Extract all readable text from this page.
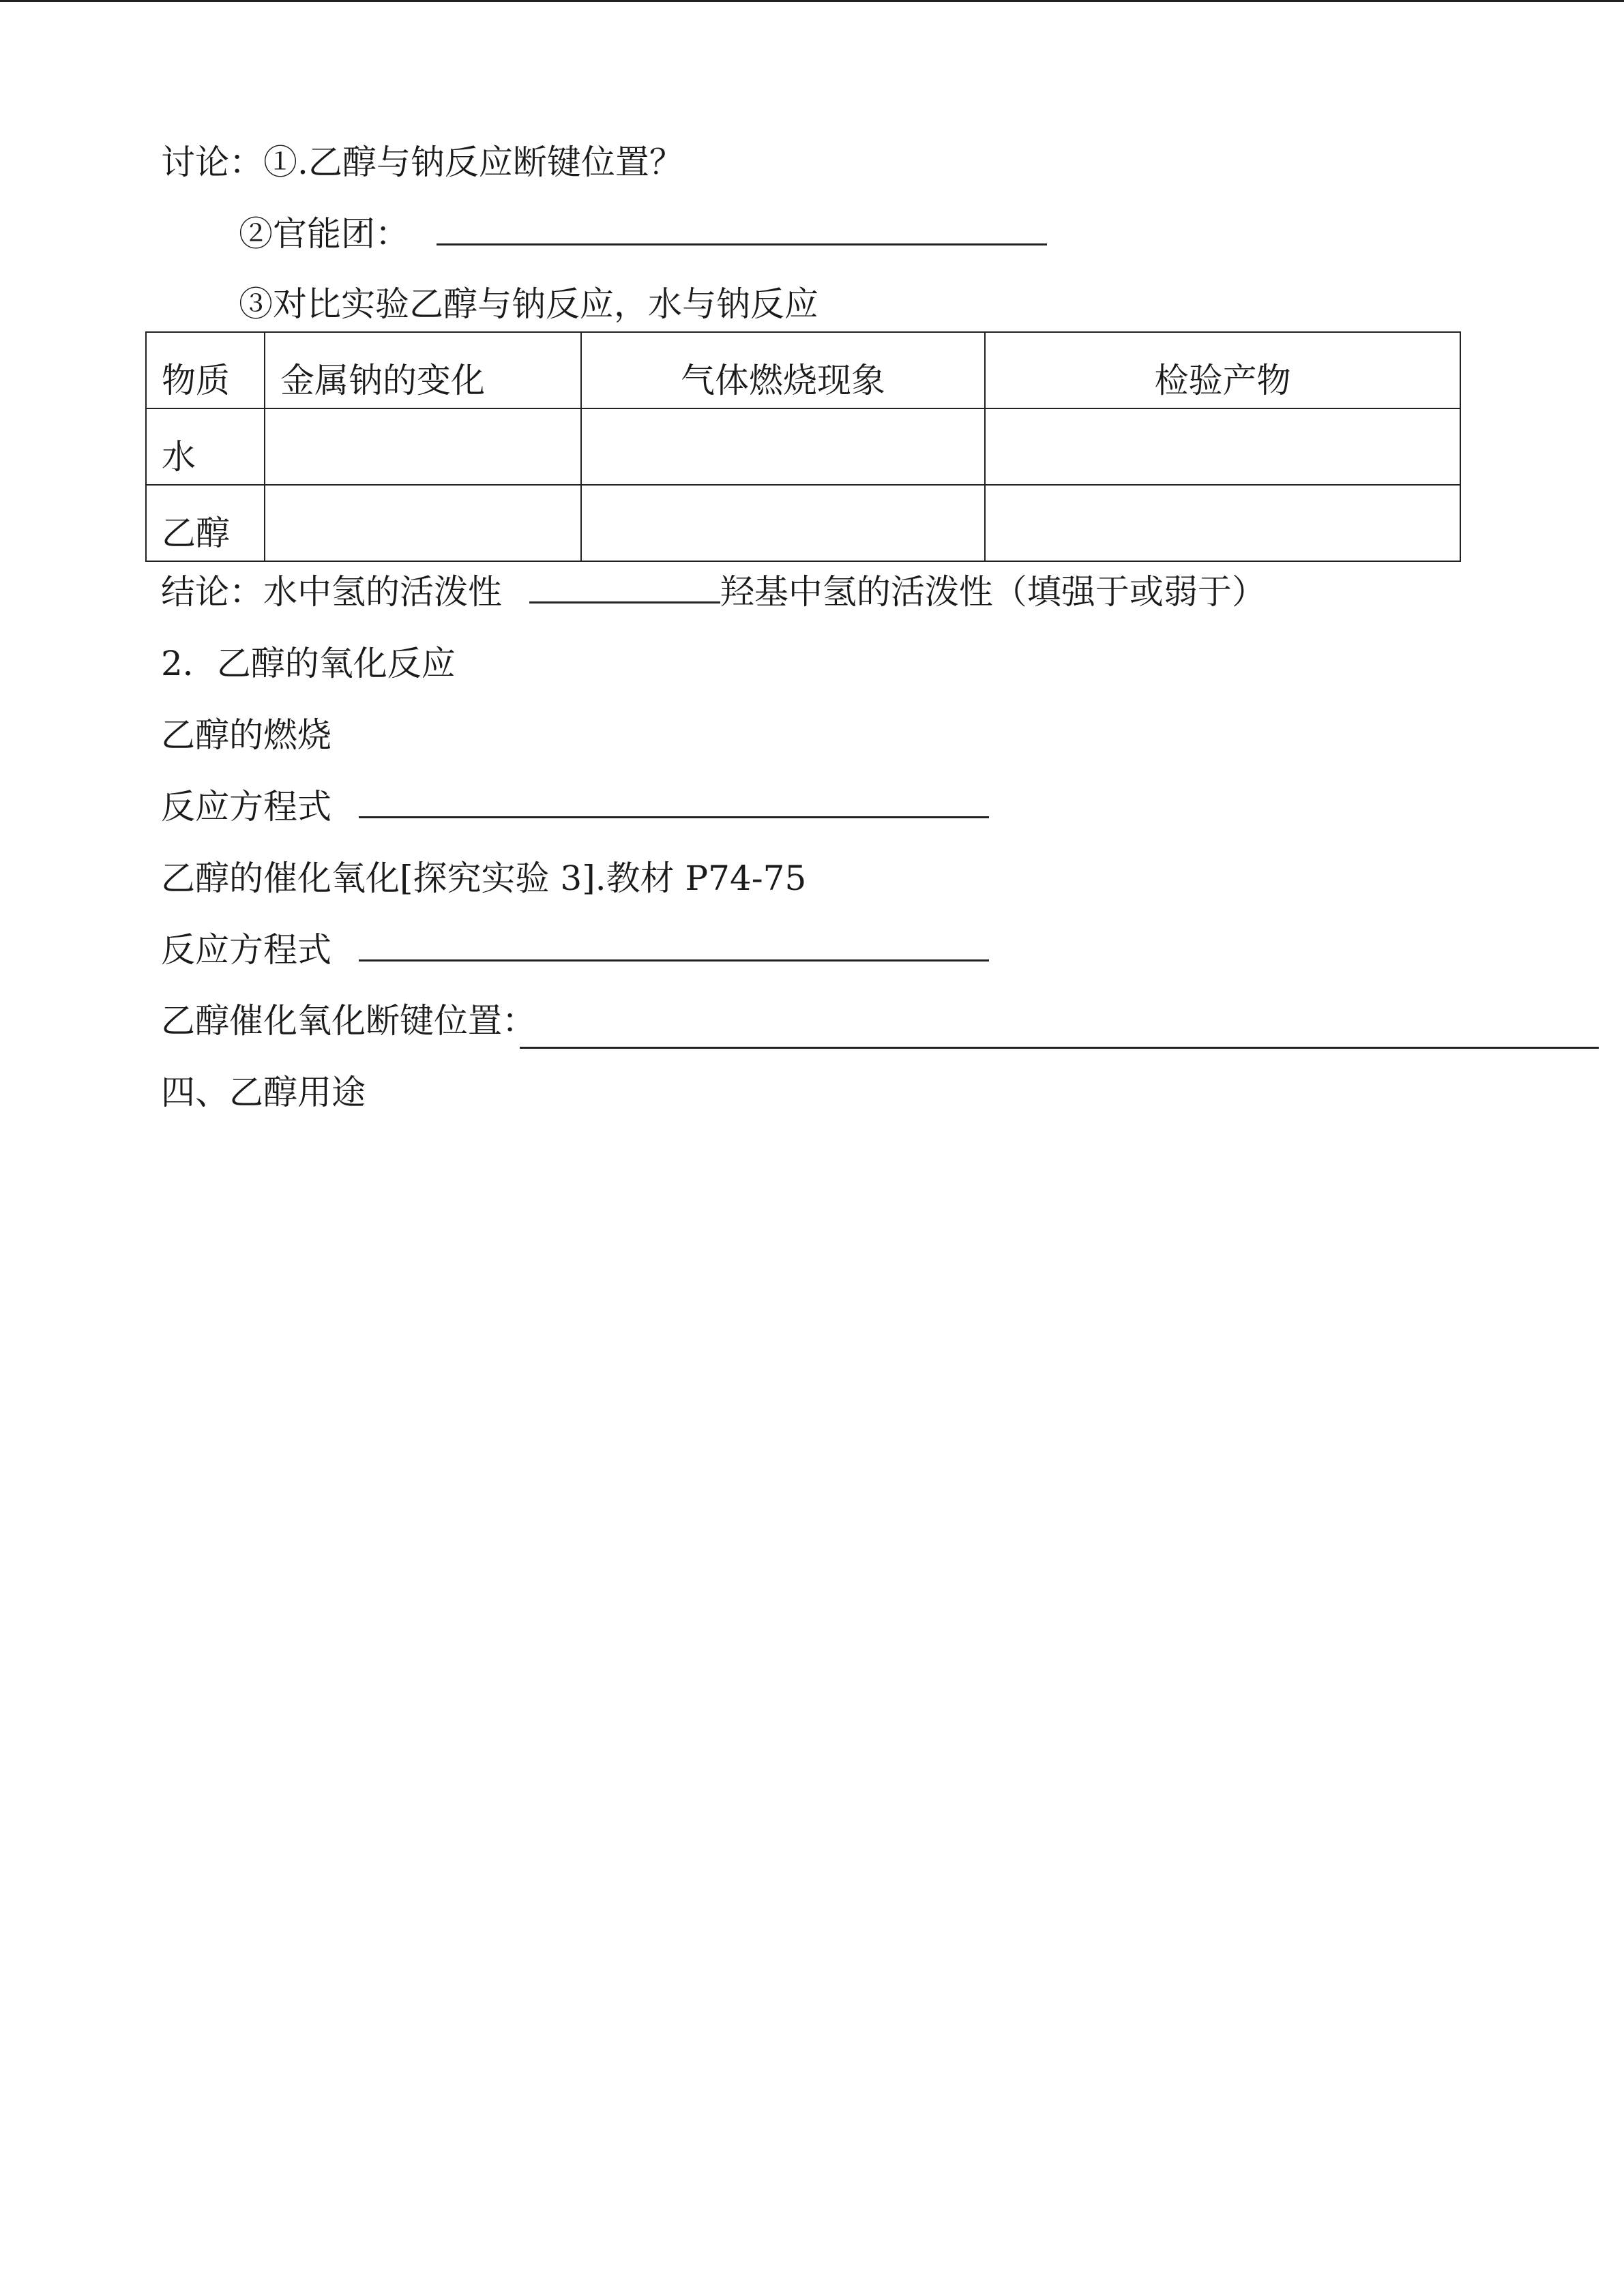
讨论：①.乙醇与钠反应断键位置？
②官能团：
③对比实验乙醇与钠反应，水与钠反应
物质	金属钠的变化	气体燃烧现象	检验产物
水			
乙醇			
结论：水中氢的活泼性	羟基中氢的活泼性（填强于或弱于）
2．乙醇的氧化反应
乙醇的燃烧
反应方程式
乙醇的催化氧化[探究实验 3].教材 P74-75
反应方程式
乙醇催化氧化断键位置：
四、乙醇用途
